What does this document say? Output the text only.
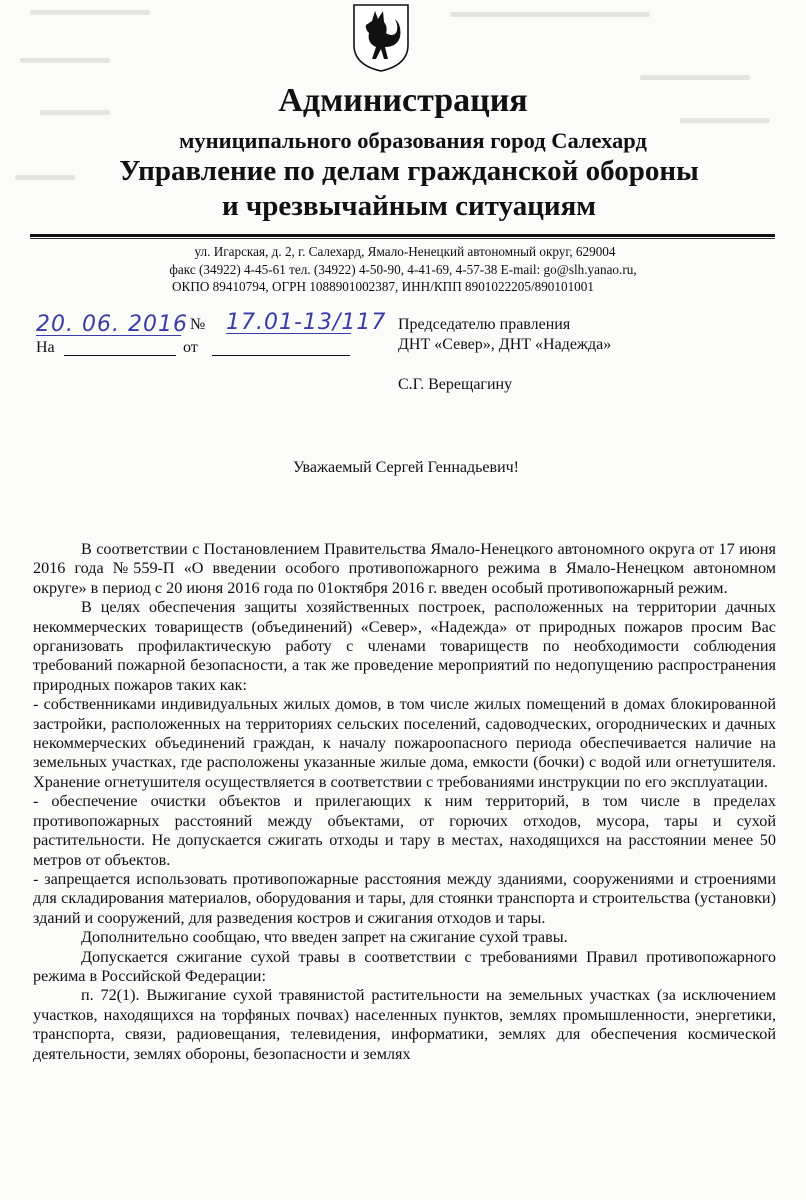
Администрация
муниципального образования город Салехард
Управление по делам гражданской обороны
и чрезвычайным ситуациям
ул. Игарская, д. 2, г. Салехард, Ямало-Ненецкий автономный округ, 629004
факс (34922) 4-45-61 тел. (34922) 4-50-90, 4-41-69, 4-57-38 E-mail: go@slh.yanao.ru,
ОКПО 89410794, ОГРН 1088901002387, ИНН/КПП 8901022205/890101001
20. 06. 2016 № 17.01-13/117
На	от
Председателю правления
ДНТ «Север», ДНТ «Надежда»
С.Г. Верещагину
Уважаемый Сергей Геннадьевич!

В соответствии с Постановлением Правительства Ямало-Ненецкого автономного округа от 17 июня 2016 года №559-П «О введении особого противопожарного режима в Ямало-Ненецком автономном округе» в период с 20 июня 2016 года по 01октября 2016 г. введен особый противопожарный режим.

В целях обеспечения защиты хозяйственных построек, расположенных на территории дачных некоммерческих товариществ (объединений) «Север», «Надежда» от природных пожаров просим Вас организовать профилактическую работу с членами товариществ по необходимости соблюдения требований пожарной безопасности, а так же проведение мероприятий по недопущению распространения природных пожаров таких как:

- собственниками индивидуальных жилых домов, в том числе жилых помещений в домах блокированной застройки, расположенных на территориях сельских поселений, садоводческих, огороднических и дачных некоммерческих объединений граждан, к началу пожароопасного периода обеспечивается наличие на земельных участках, где расположены указанные жилые дома, емкости (бочки) с водой или огнетушителя. Хранение огнетушителя осуществляется в соответствии с требованиями инструкции по его эксплуатации.

- обеспечение очистки объектов и прилегающих к ним территорий, в том числе в пределах противопожарных расстояний между объектами, от горючих отходов, мусора, тары и сухой растительности. Не допускается сжигать отходы и тару в местах, находящихся на расстоянии менее 50 метров от объектов.

- запрещается использовать противопожарные расстояния между зданиями, сооружениями и строениями для складирования материалов, оборудования и тары, для стоянки транспорта и строительства (установки) зданий и сооружений, для разведения костров и сжигания отходов и тары.

Дополнительно сообщаю, что введен запрет на сжигание сухой травы.

Допускается сжигание сухой травы в соответствии с требованиями Правил противопожарного режима в Российской Федерации:

п. 72(1). Выжигание сухой травянистой растительности на земельных участках (за исключением участков, находящихся на торфяных почвах) населенных пунктов, землях промышленности, энергетики, транспорта, связи, радиовещания, телевидения, информатики, землях для обеспечения космической деятельности, землях обороны, безопасности и землях
